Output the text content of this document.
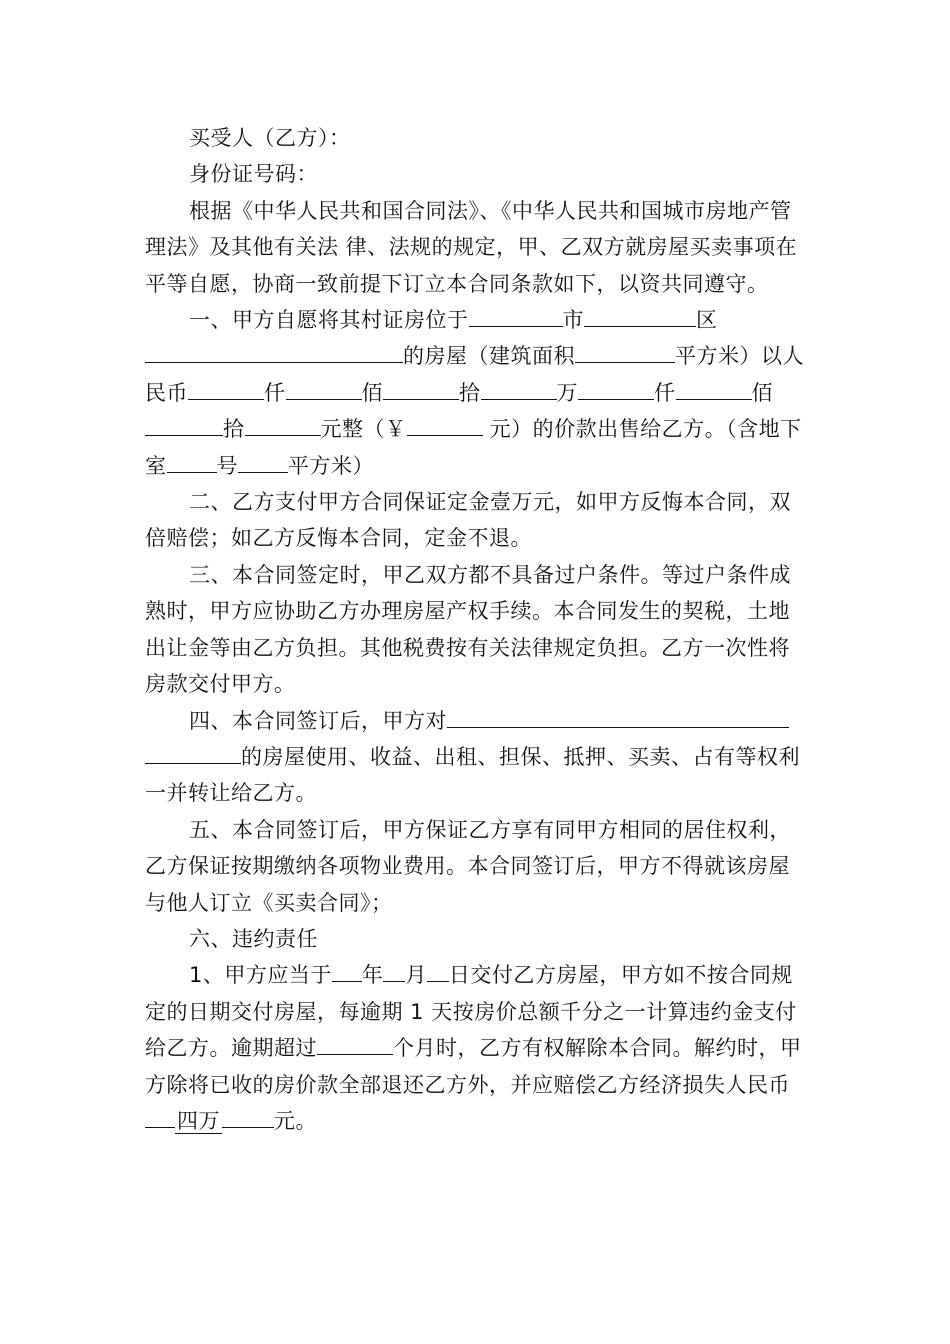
买受人（乙方）：

身份证号码：

根据《中华人民共和国合同法》、《中华人民共和国城市房地产管理法》及其他有关法 律、法规的规定，甲、乙双方就房屋买卖事项在平等自愿，协商一致前提下订立本合同条款如下，以资共同遵守。

一、甲方自愿将其村证房位于	市	区的房屋（建筑面积	平方米）以人民币	仟	佰	拾	万	仟	佰拾	元整（￥	元）的价款出售给乙方。（含地下室 号 平方米）

二、乙方支付甲方合同保证定金壹万元，如甲方反悔本合同，双倍赔偿；如乙方反悔本合同，定金不退。

三、本合同签定时，甲乙双方都不具备过户条件。等过户条件成熟时，甲方应协助乙方办理房屋产权手续。本合同发生的契税，土地出让金等由乙方负担。其他税费按有关法律规定负担。乙方一次性将房款交付甲方。

四、本合同签订后，甲方对的房屋使用、收益、出租、担保、抵押、买卖、占有等权利一并转让给乙方。

五、本合同签订后，甲方保证乙方享有同甲方相同的居住权利，乙方保证按期缴纳各项物业费用。本合同签订后，甲方不得就该房屋与他人订立《买卖合同》；

六、违约责任

1、甲方应当于 年 月 日交付乙方房屋，甲方如不按合同规定的日期交付房屋，每逾期 1 天按房价总额千分之一计算违约金支付给乙方。逾期超过	个月时，乙方有权解除本合同。解约时，甲方除将已收的房价款全部退还乙方外，并应赔偿乙方经济损失人民币四万	元。
